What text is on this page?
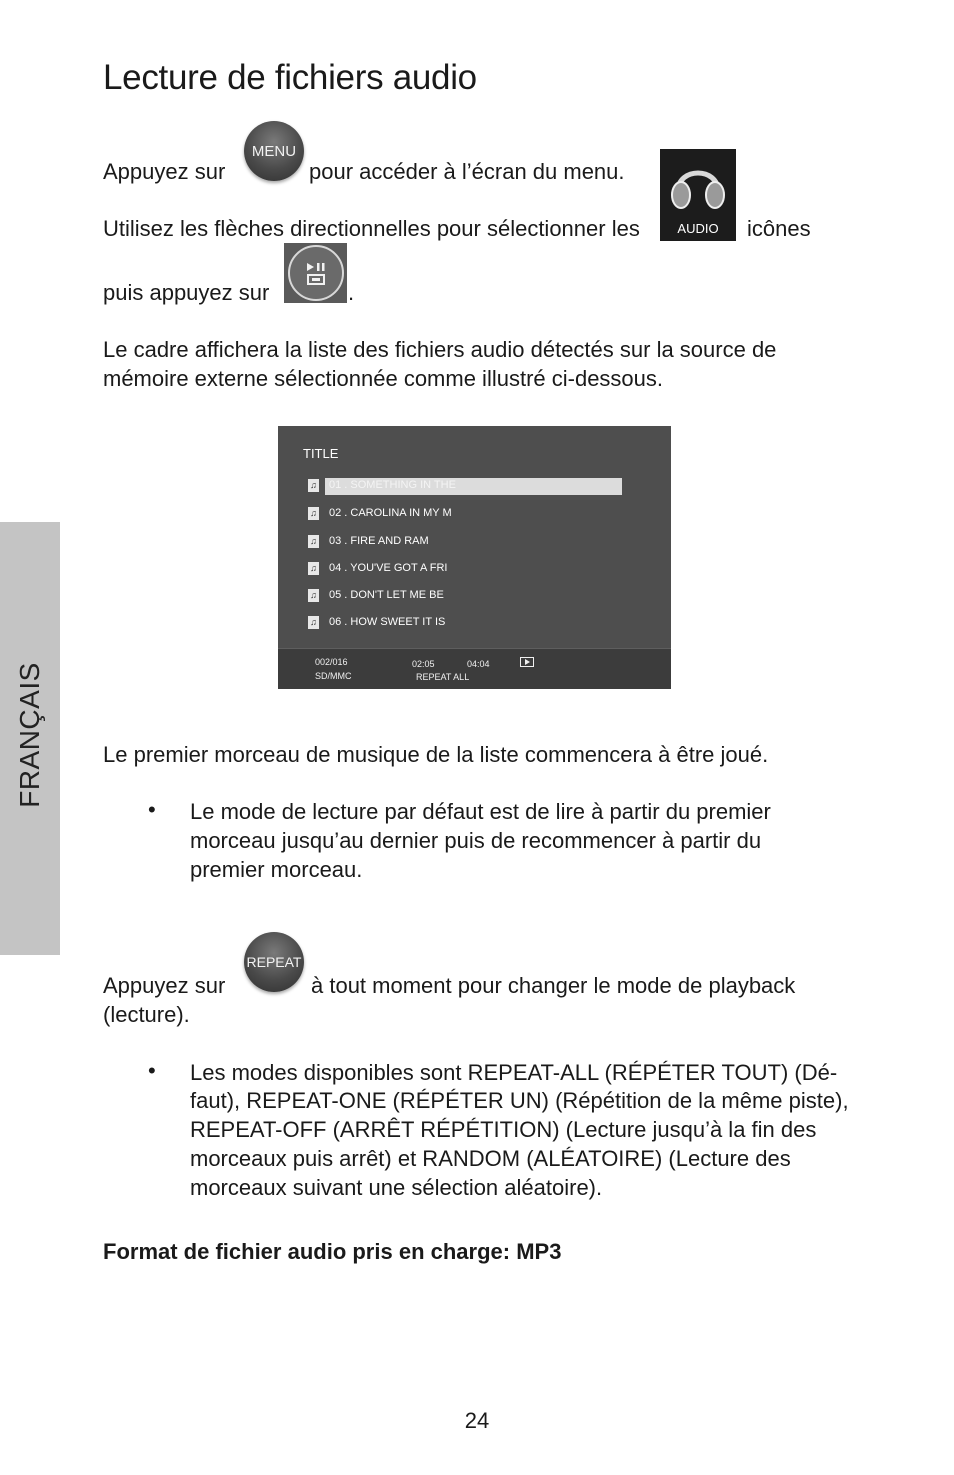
Lecture de fichiers audio
FRANÇAIS
Appuyez sur
MENU
pour accéder à l’écran du menu.
Utilisez les flèches directionnelles pour sélectionner les	AUDIO	icônes
puis appuyez sur	.
Le cadre affichera la liste des fichiers audio détectés sur la source de
mémoire externe sélectionnée comme illustré ci-dessous.
TITLE
♫ 01 . SOMETHING IN THE
♫ 02 . CAROLINA IN MY M
♫ 03 . FIRE AND RAM
♫ 04 . YOU'VE GOT A FRI
♫ 05 . DON'T LET ME BE
♫ 06 . HOW SWEET IT IS
002/016
SD/MMC
02:05	04:04
REPEAT ALL
Le premier morceau de musique de la liste commencera à être joué.
• Le mode de lecture par défaut est de lire à partir du premier
morceau jusqu’au dernier puis de recommencer à partir du
premier morceau.
Appuyez sur
REPEAT
à tout moment pour changer le mode de playback
(lecture).
• Les modes disponibles sont REPEAT-ALL (RÉPÉTER TOUT) (Dé-
faut), REPEAT-ONE (RÉPÉTER UN) (Répétition de la même piste),
REPEAT-OFF (ARRÊT RÉPÉTITION) (Lecture jusqu’à la fin des
morceaux puis arrêt) et RANDOM (ALÉATOIRE) (Lecture des
morceaux suivant une sélection aléatoire).
Format de fichier audio pris en charge: MP3
24
